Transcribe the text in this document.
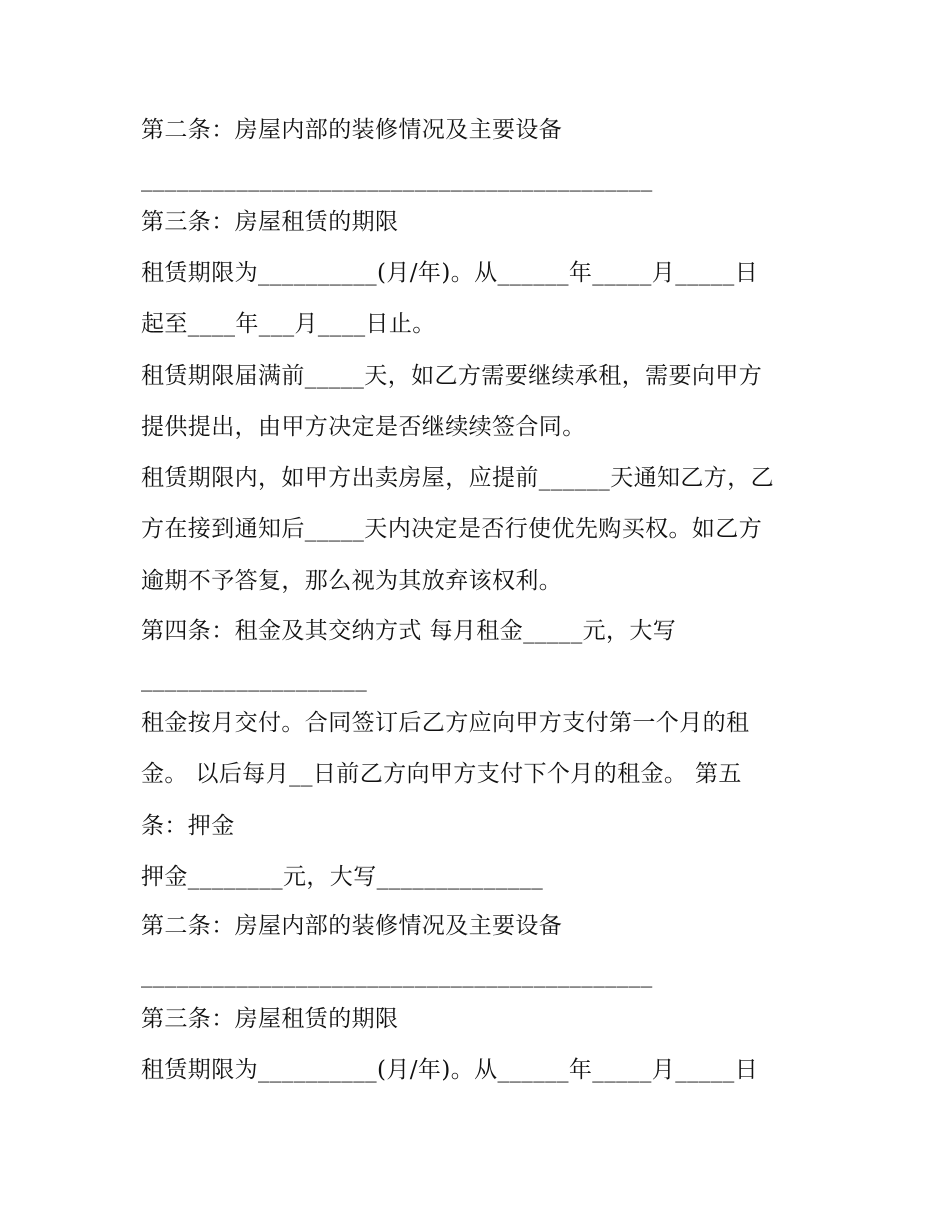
第二条：房屋内部的装修情况及主要设备
___________________________________________
第三条：房屋租赁的期限
租赁期限为__________(月/年)。从______年_____月_____日
起至____年___月____日止。
租赁期限届满前_____天，如乙方需要继续承租，需要向甲方
提供提出，由甲方决定是否继续续签合同。
租赁期限内，如甲方出卖房屋，应提前______天通知乙方，乙
方在接到通知后_____天内决定是否行使优先购买权。如乙方
逾期不予答复，那么视为其放弃该权利。
第四条：租金及其交纳方式 每月租金_____元，大写
___________________
租金按月交付。合同签订后乙方应向甲方支付第一个月的租
金。 以后每月__日前乙方向甲方支付下个月的租金。 第五
条：押金
押金________元，大写______________
第二条：房屋内部的装修情况及主要设备
___________________________________________
第三条：房屋租赁的期限
租赁期限为__________(月/年)。从______年_____月_____日
